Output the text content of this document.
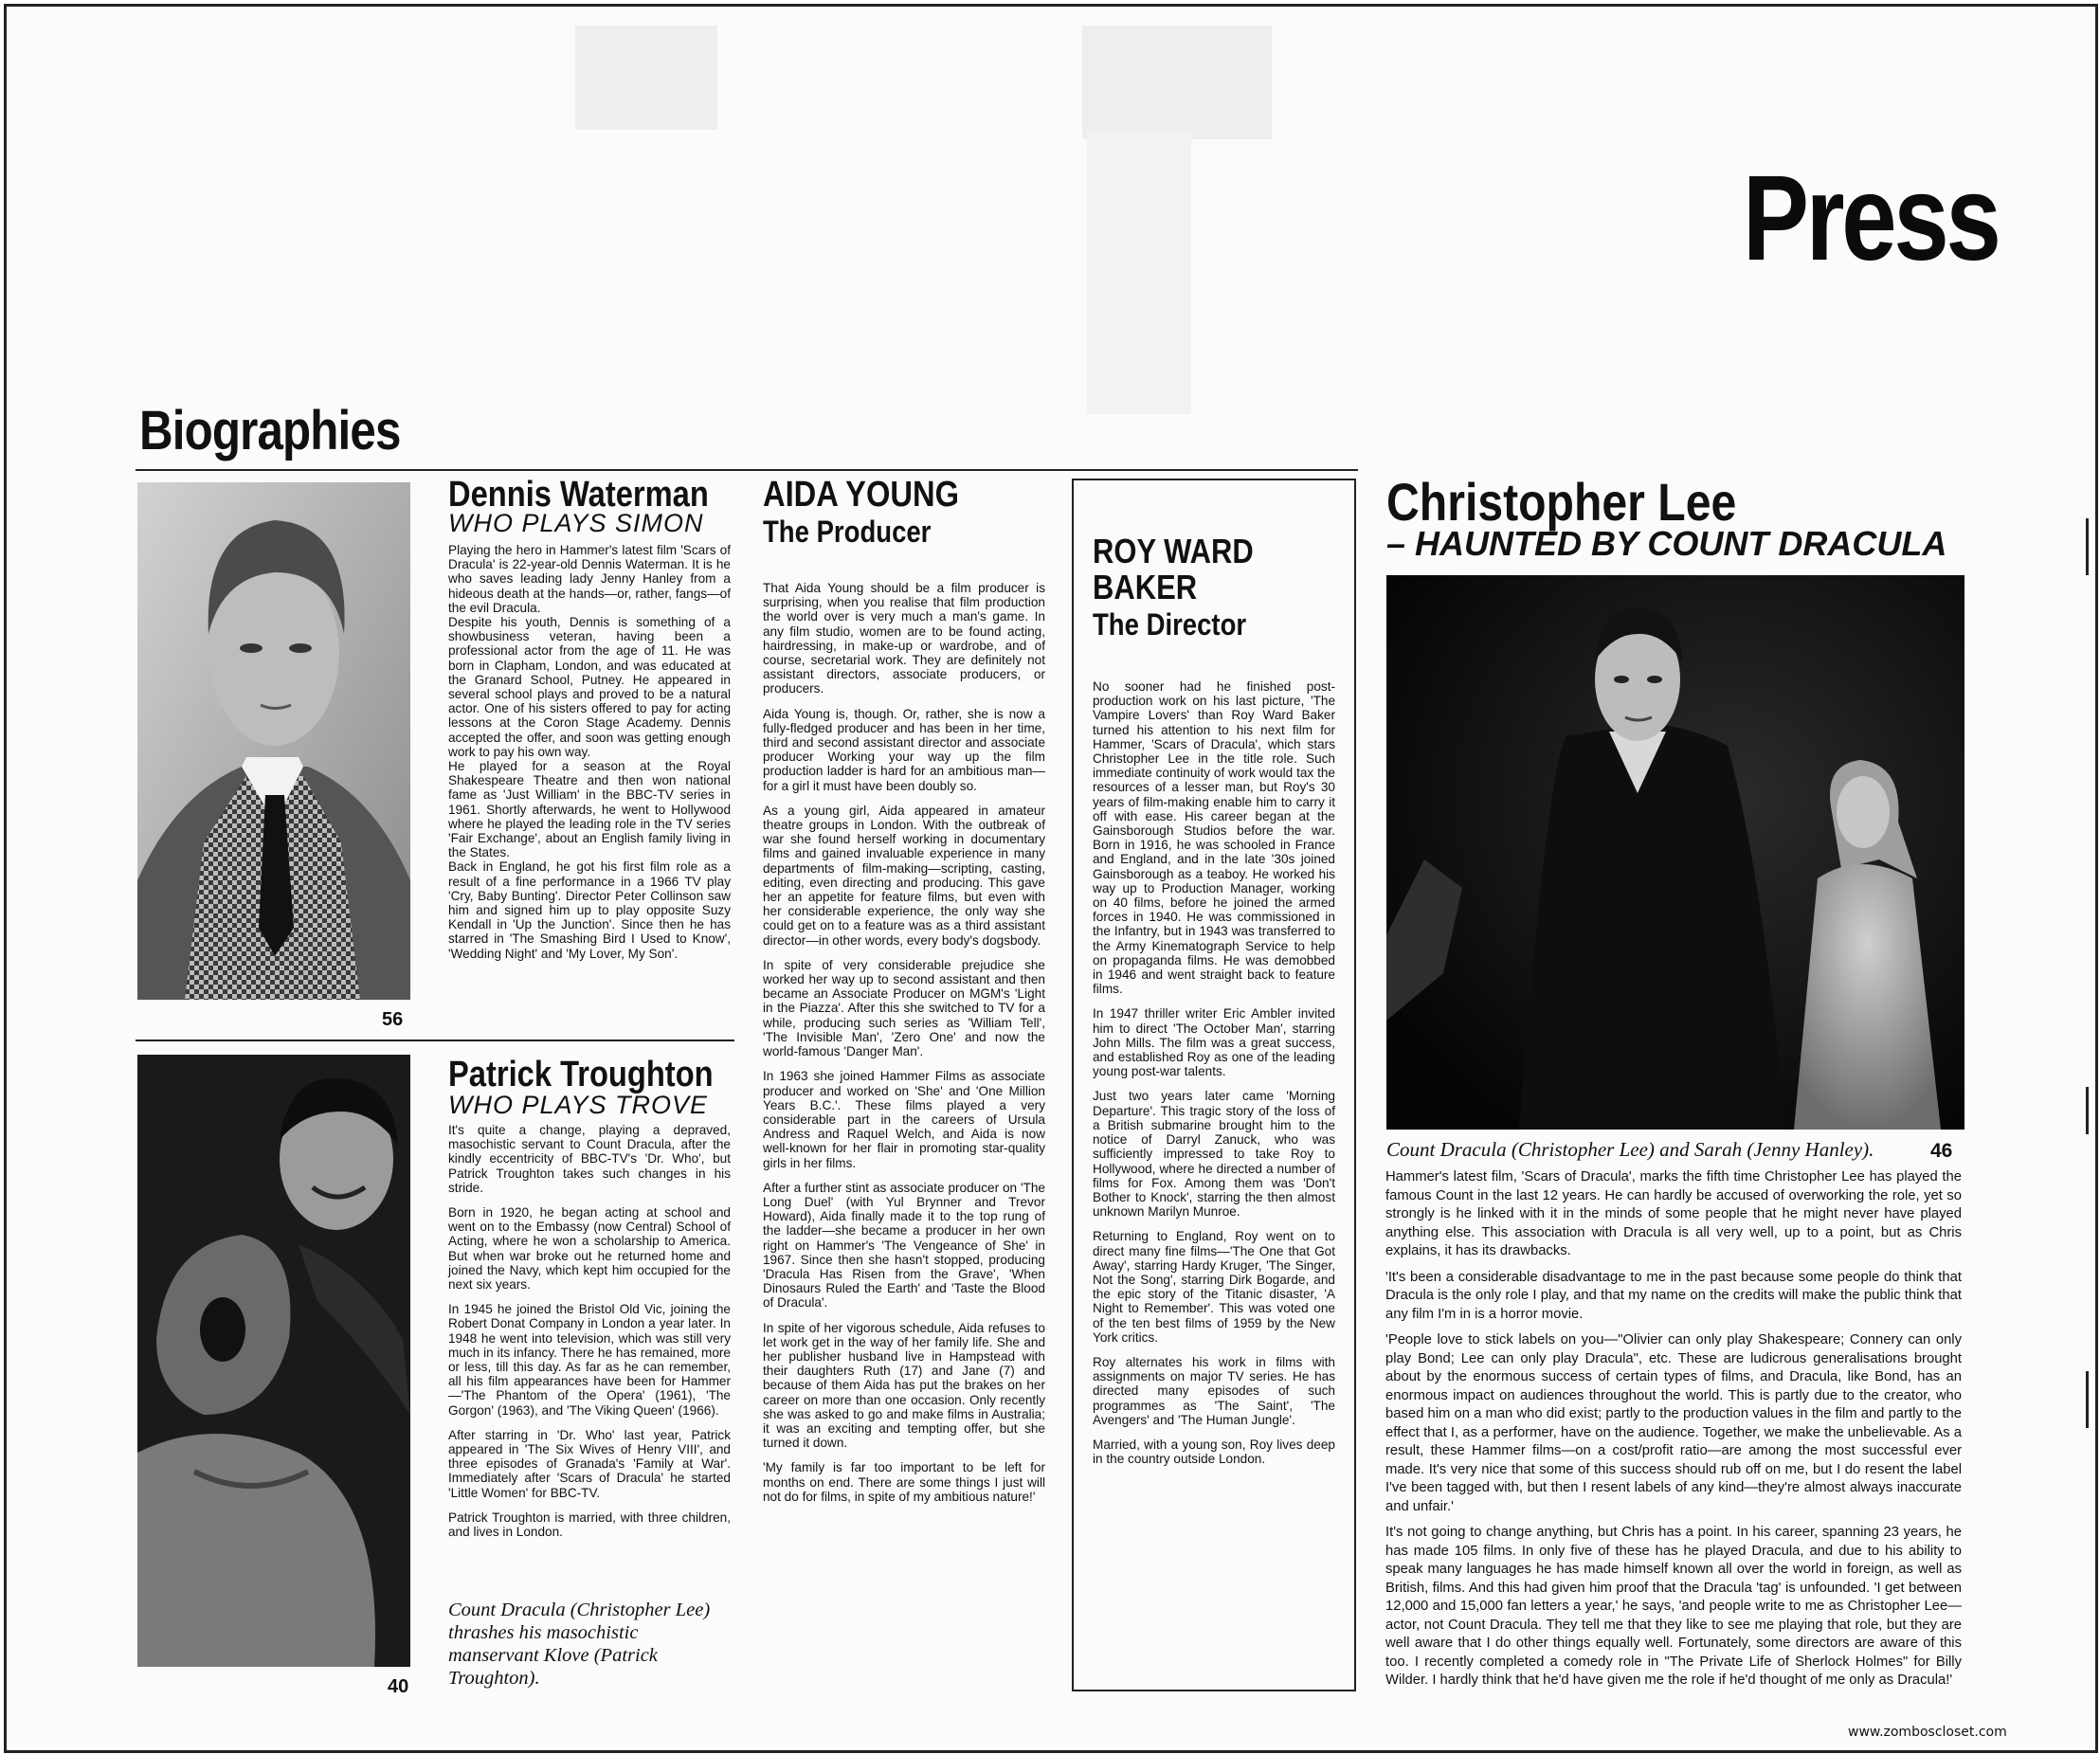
Press
Biographies
56
Dennis Waterman
WHO PLAYS SIMON

Playing the hero in Hammer's latest film 'Scars of Dracula' is 22-year-old Dennis Waterman. It is he who saves leading lady Jenny Hanley from a hideous death at the hands—or, rather, fangs—of the evil Dracula.

Despite his youth, Dennis is something of a showbusiness veteran, having been a professional actor from the age of 11. He was born in Clapham, London, and was educated at the Granard School, Putney. He appeared in several school plays and proved to be a natural actor. One of his sisters offered to pay for acting lessons at the Coron Stage Academy. Dennis accepted the offer, and soon was getting enough work to pay his own way.

He played for a season at the Royal Shakespeare Theatre and then won national fame as 'Just William' in the BBC-TV series in 1961. Shortly afterwards, he went to Hollywood where he played the leading role in the TV series 'Fair Exchange', about an English family living in the States.

Back in England, he got his first film role as a result of a fine performance in a 1966 TV play 'Cry, Baby Bunting'. Director Peter Collinson saw him and signed him up to play opposite Suzy Kendall in 'Up the Junction'. Since then he has starred in 'The Smashing Bird I Used to Know', 'Wedding Night' and 'My Lover, My Son'.

40
Patrick Troughton
WHO PLAYS TROVE

It's quite a change, playing a depraved, masochistic servant to Count Dracula, after the kindly eccentricity of BBC-TV's 'Dr. Who', but Patrick Troughton takes such changes in his stride.

Born in 1920, he began acting at school and went on to the Embassy (now Central) School of Acting, where he won a scholarship to America. But when war broke out he returned home and joined the Navy, which kept him occupied for the next six years.

In 1945 he joined the Bristol Old Vic, joining the Robert Donat Company in London a year later. In 1948 he went into television, which was still very much in its infancy. There he has remained, more or less, till this day. As far as he can remember, all his film appearances have been for Hammer—'The Phantom of the Opera' (1961), 'The Gorgon' (1963), and 'The Viking Queen' (1966).

After starring in 'Dr. Who' last year, Patrick appeared in 'The Six Wives of Henry VIII', and three episodes of Granada's 'Family at War'. Immediately after 'Scars of Dracula' he started 'Little Women' for BBC-TV.

Patrick Troughton is married, with three children, and lives in London.

Count Dracula (Christopher Lee) thrashes his masochistic manservant Klove (Patrick Troughton).
AIDA YOUNG
The Producer

That Aida Young should be a film producer is surprising, when you realise that film production the world over is very much a man's game. In any film studio, women are to be found acting, hairdressing, in make-up or wardrobe, and of course, secretarial work. They are definitely not assistant directors, associate producers, or producers.

Aida Young is, though. Or, rather, she is now a fully-fledged producer and has been in her time, third and second assistant director and associate producer Working your way up the film production ladder is hard for an ambitious man—for a girl it must have been doubly so.

As a young girl, Aida appeared in amateur theatre groups in London. With the outbreak of war she found herself working in documentary films and gained invaluable experience in many departments of film-making—scripting, casting, editing, even directing and producing. This gave her an appetite for feature films, but even with her considerable experience, the only way she could get on to a feature was as a third assistant director—in other words, every body's dogsbody.

In spite of very considerable prejudice she worked her way up to second assistant and then became an Associate Producer on MGM's 'Light in the Piazza'. After this she switched to TV for a while, producing such series as 'William Tell', 'The Invisible Man', 'Zero One' and now the world-famous 'Danger Man'.

In 1963 she joined Hammer Films as associate producer and worked on 'She' and 'One Million Years B.C.'. These films played a very considerable part in the careers of Ursula Andress and Raquel Welch, and Aida is now well-known for her flair in promoting star-quality girls in her films.

After a further stint as associate producer on 'The Long Duel' (with Yul Brynner and Trevor Howard), Aida finally made it to the top rung of the ladder—she became a producer in her own right on Hammer's 'The Vengeance of She' in 1967. Since then she hasn't stopped, producing 'Dracula Has Risen from the Grave', 'When Dinosaurs Ruled the Earth' and 'Taste the Blood of Dracula'.

In spite of her vigorous schedule, Aida refuses to let work get in the way of her family life. She and her publisher husband live in Hampstead with their daughters Ruth (17) and Jane (7) and because of them Aida has put the brakes on her career on more than one occasion. Only recently she was asked to go and make films in Australia; it was an exciting and tempting offer, but she turned it down.

'My family is far too important to be left for months on end. There are some things I just will not do for films, in spite of my ambitious nature!'

ROY WARD
BAKER
The Director

No sooner had he finished post-production work on his last picture, 'The Vampire Lovers' than Roy Ward Baker turned his attention to his next film for Hammer, 'Scars of Dracula', which stars Christopher Lee in the title role. Such immediate continuity of work would tax the resources of a lesser man, but Roy's 30 years of film-making enable him to carry it off with ease. His career began at the Gainsborough Studios before the war. Born in 1916, he was schooled in France and England, and in the late '30s joined Gainsborough as a teaboy. He worked his way up to Production Manager, working on 40 films, before he joined the armed forces in 1940. He was commissioned in the Infantry, but in 1943 was transferred to the Army Kinematograph Service to help on propaganda films. He was demobbed in 1946 and went straight back to feature films.

In 1947 thriller writer Eric Ambler invited him to direct 'The October Man', starring John Mills. The film was a great success, and established Roy as one of the leading young post-war talents.

Just two years later came 'Morning Departure'. This tragic story of the loss of a British submarine brought him to the notice of Darryl Zanuck, who was sufficiently impressed to take Roy to Hollywood, where he directed a number of films for Fox. Among them was 'Don't Bother to Knock', starring the then almost unknown Marilyn Munroe.

Returning to England, Roy went on to direct many fine films—'The One that Got Away', starring Hardy Kruger, 'The Singer, Not the Song', starring Dirk Bogarde, and the epic story of the Titanic disaster, 'A Night to Remember'. This was voted one of the ten best films of 1959 by the New York critics.

Roy alternates his work in films with assignments on major TV series. He has directed many episodes of such programmes as 'The Saint', 'The Avengers' and 'The Human Jungle'.

Married, with a young son, Roy lives deep in the country outside London.

Christopher Lee
– HAUNTED BY COUNT DRACULA
Count Dracula (Christopher Lee) and Sarah (Jenny Hanley).	46

Hammer's latest film, 'Scars of Dracula', marks the fifth time Christopher Lee has played the famous Count in the last 12 years. He can hardly be accused of overworking the role, yet so strongly is he linked with it in the minds of some people that he might never have played anything else. This association with Dracula is all very well, up to a point, but as Chris explains, it has its drawbacks.

'It's been a considerable disadvantage to me in the past because some people do think that Dracula is the only role I play, and that my name on the credits will make the public think that any film I'm in is a horror movie.

'People love to stick labels on you—"Olivier can only play Shakespeare; Connery can only play Bond; Lee can only play Dracula", etc. These are ludicrous generalisations brought about by the enormous success of certain types of films, and Dracula, like Bond, has an enormous impact on audiences throughout the world. This is partly due to the creator, who based him on a man who did exist; partly to the production values in the film and partly to the effect that I, as a performer, have on the audience. Together, we make the unbelievable. As a result, these Hammer films—on a cost/profit ratio—are among the most successful ever made. It's very nice that some of this success should rub off on me, but I do resent the label I've been tagged with, but then I resent labels of any kind—they're almost always inaccurate and unfair.'

It's not going to change anything, but Chris has a point. In his career, spanning 23 years, he has made 105 films. In only five of these has he played Dracula, and due to his ability to speak many languages he has made himself known all over the world in foreign, as well as British, films. And this had given him proof that the Dracula 'tag' is unfounded. 'I get between 12,000 and 15,000 fan letters a year,' he says, 'and people write to me as Christopher Lee—actor, not Count Dracula. They tell me that they like to see me playing that role, but they are well aware that I do other things equally well. Fortunately, some directors are aware of this too. I recently completed a comedy role in "The Private Life of Sherlock Holmes" for Billy Wilder. I hardly think that he'd have given me the role if he'd thought of me only as Dracula!'

www.zomboscloset.com
